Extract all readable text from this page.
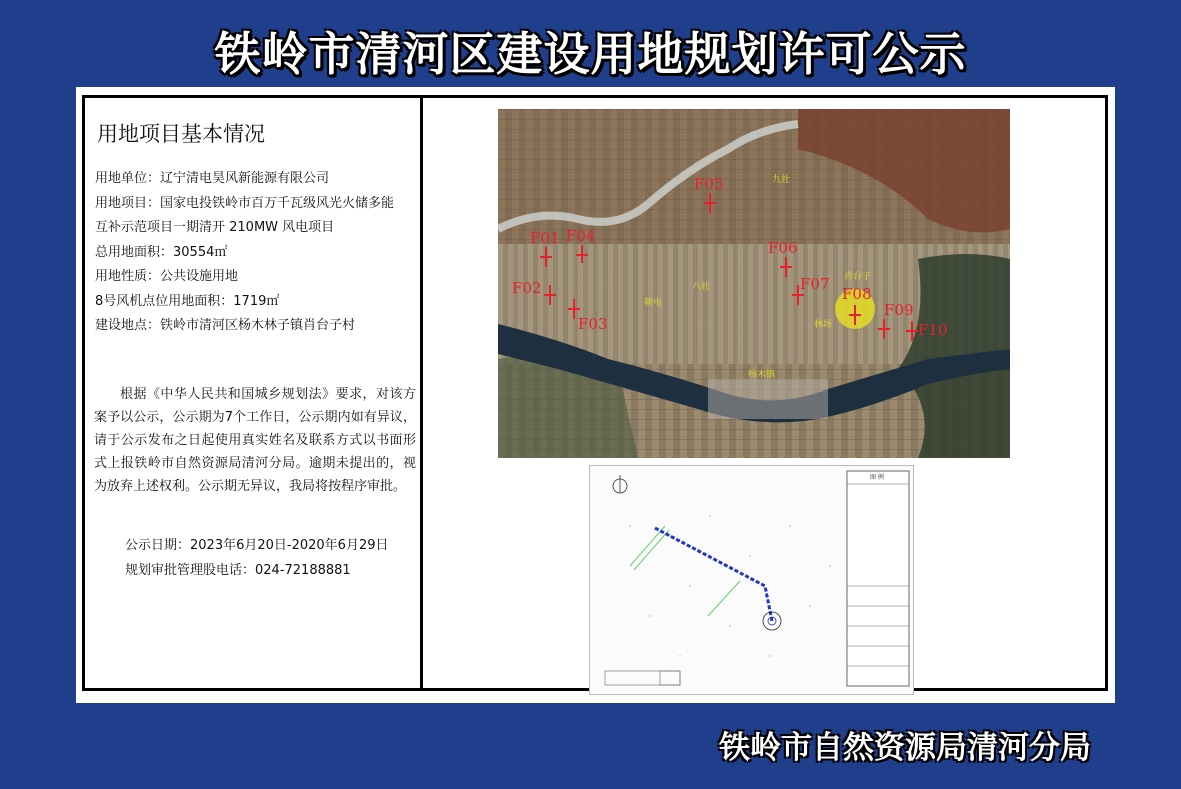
铁岭市清河区建设用地规划许可公示
用地项目基本情况
用地单位：辽宁清电昊风新能源有限公司
用地项目：国家电投铁岭市百万千瓦级风光火储多能
互补示范项目一期清开 210MW 风电项目
总用地面积：30554㎡
用地性质：公共设施用地
8号风机点位用地面积：1719㎡
建设地点：铁岭市清河区杨木林子镇肖台子村
根据《中华人民共和国城乡规划法》要求，对该方案予以公示，公示期为7个工作日，公示期内如有异议，请于公示发布之日起使用真实姓名及联系方式以书面形式上报铁岭市自然资源局清河分局。逾期未提出的，视为放弃上述权利。公示期无异议，我局将按程序审批。
公示日期：2023年6月20日-2020年6月29日
规划审批管理股电话：024-72188881
F01 F04
F02
F03
F05
F06
F07
F08
F09
F10
九社
八社
朝屯
肖台子
杨木镇
林场
图 例
铁岭市自然资源局清河分局
